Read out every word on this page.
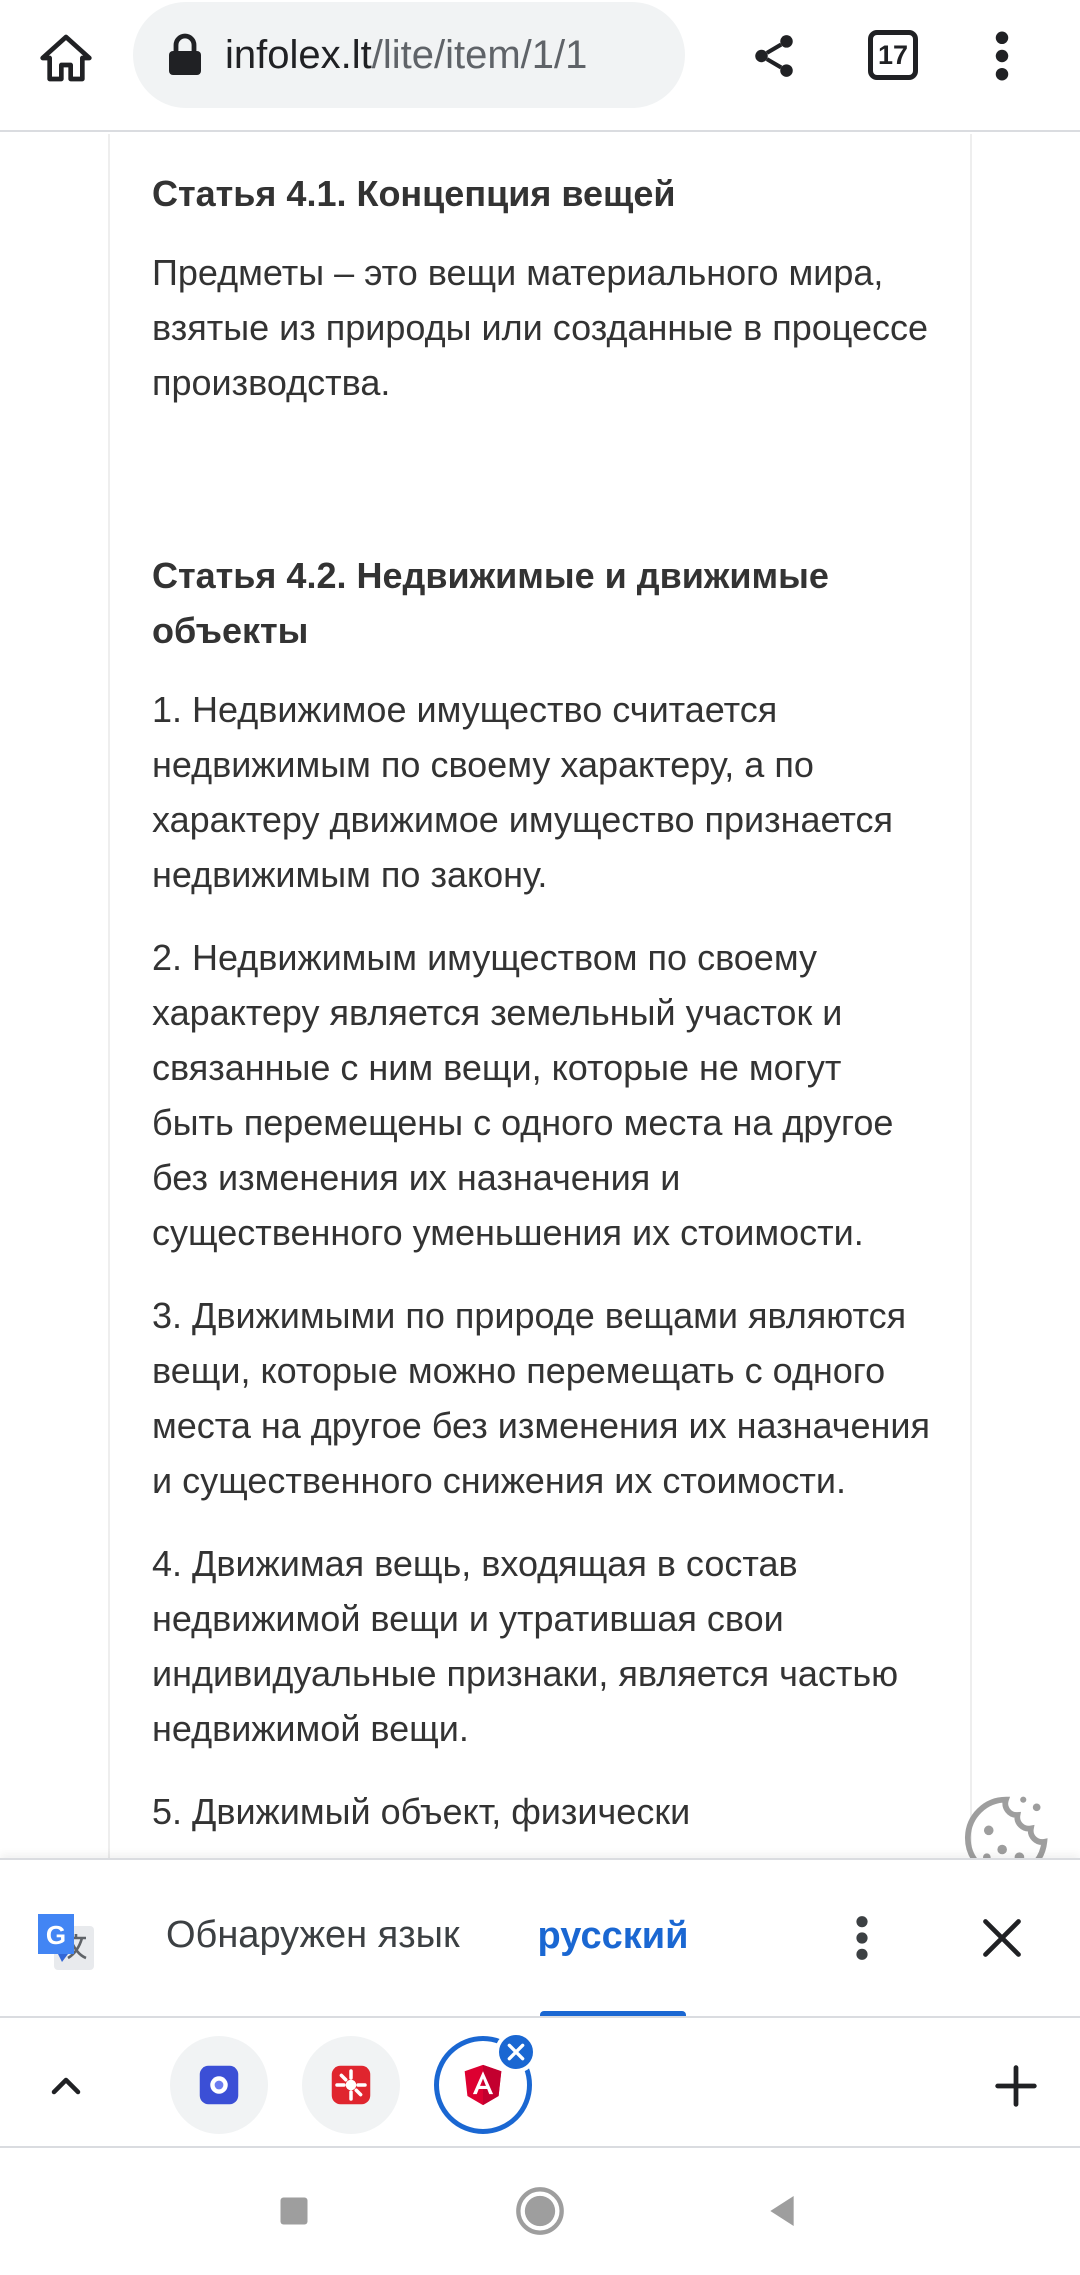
infolex.lt/lite/item/1/1	17
Статья 4.1. Концепция вещей

Предметы – это вещи материального мира, взятые из природы или созданные в процессе производства.

Статья 4.2. Недвижимые и движимые объекты

1. Недвижимое имущество считается недвижимым по своему характеру, а по характеру движимое имущество признается недвижимым по закону.

2. Недвижимым имуществом по своему характеру является земельный участок и связанные с ним вещи, которые не могут быть перемещены с одного места на другое без изменения их назначения и существенного уменьшения их стоимости.

3. Движимыми по природе вещами являются вещи, которые можно перемещать с одного места на другое без изменения их назначения и существенного снижения их стоимости.

4. Движимая вещь, входящая в состав недвижимой вещи и утратившая свои индивидуальные признаки, является частью недвижимой вещи.

5. Движимый объект, физически

G	Обнаружен язык русский
